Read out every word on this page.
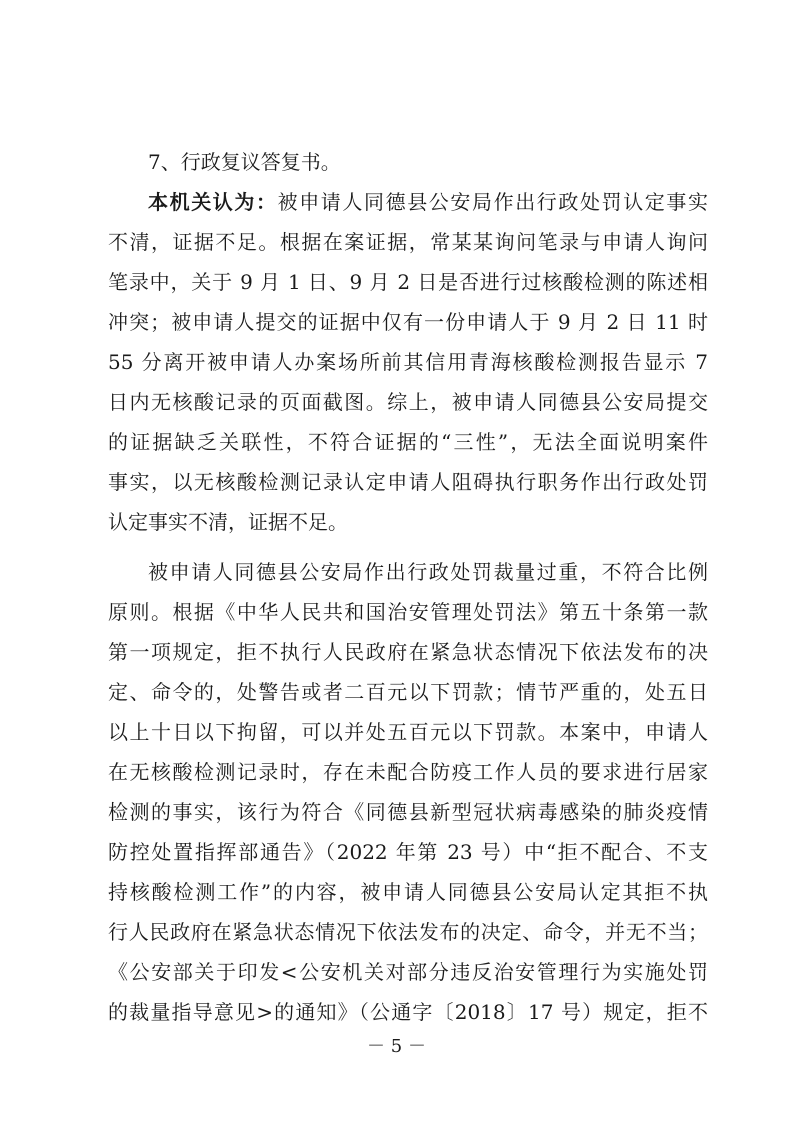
7、行政复议答复书。
本机关认为：被申请人同德县公安局作出行政处罚认定事实
不清，证据不足。根据在案证据，常某某询问笔录与申请人询问
笔录中，关于 9 月 1 日、9 月 2 日是否进行过核酸检测的陈述相
冲突；被申请人提交的证据中仅有一份申请人于 9 月 2 日 11 时
55 分离开被申请人办案场所前其信用青海核酸检测报告显示 7
日内无核酸记录的页面截图。综上，被申请人同德县公安局提交
的证据缺乏关联性，不符合证据的“三性”，无法全面说明案件
事实，以无核酸检测记录认定申请人阻碍执行职务作出行政处罚
认定事实不清，证据不足。
被申请人同德县公安局作出行政处罚裁量过重，不符合比例
原则。根据《中华人民共和国治安管理处罚法》第五十条第一款
第一项规定，拒不执行人民政府在紧急状态情况下依法发布的决
定、命令的，处警告或者二百元以下罚款；情节严重的，处五日
以上十日以下拘留，可以并处五百元以下罚款。本案中，申请人
在无核酸检测记录时，存在未配合防疫工作人员的要求进行居家
检测的事实，该行为符合《同德县新型冠状病毒感染的肺炎疫情
防控处置指挥部通告》（2022 年第 23 号）中“拒不配合、不支
持核酸检测工作”的内容，被申请人同德县公安局认定其拒不执
行人民政府在紧急状态情况下依法发布的决定、命令，并无不当；
《公安部关于印发<公安机关对部分违反治安管理行为实施处罚
的裁量指导意见>的通知》（公通字〔2018〕17 号）规定，拒不
－ 5 －
